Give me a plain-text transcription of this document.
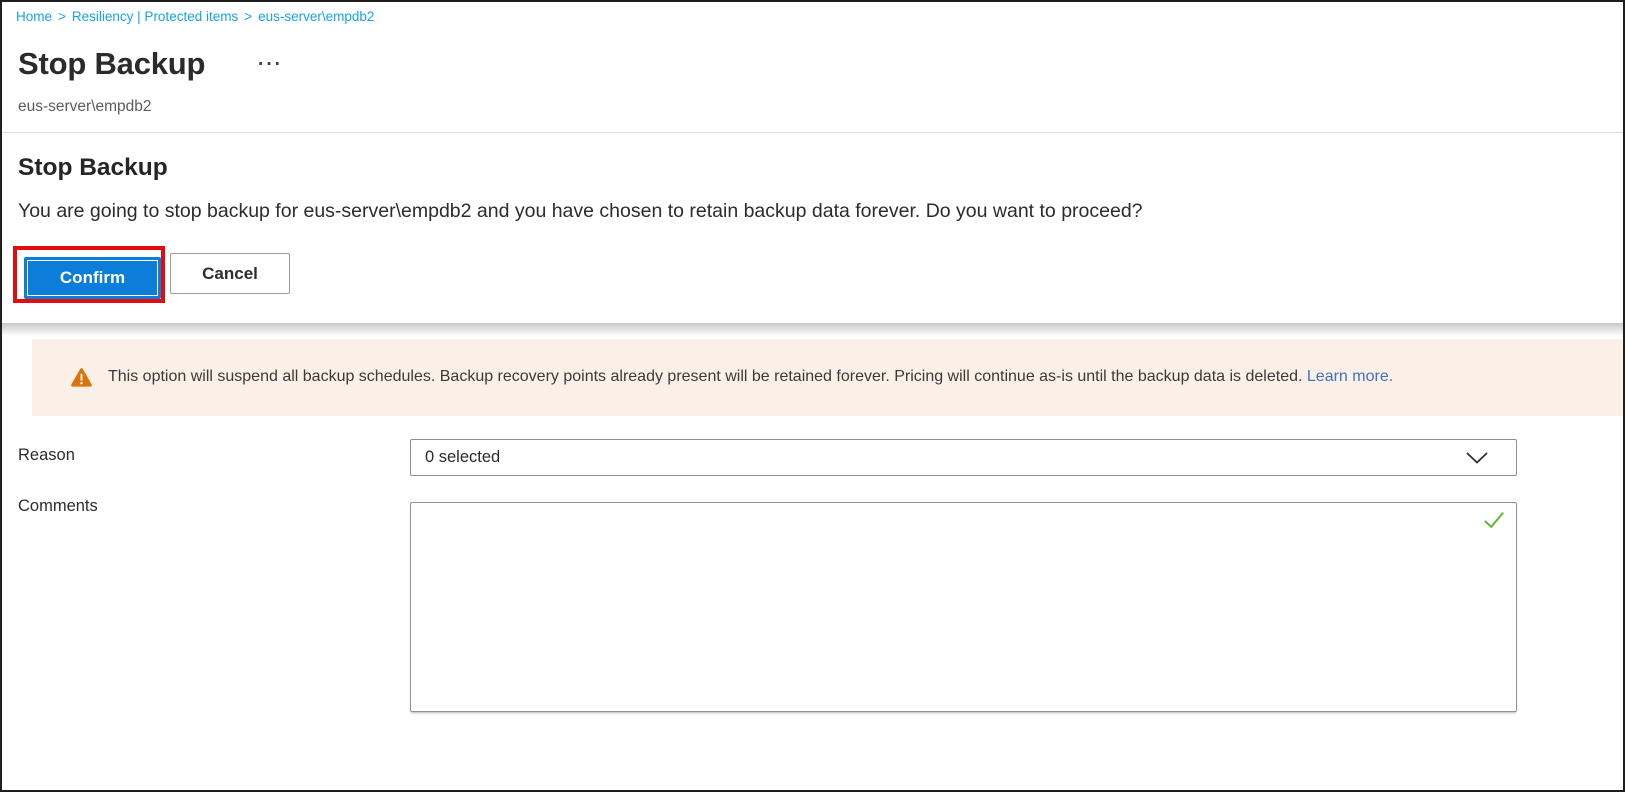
Home > Resiliency | Protected items > eus-server\empdb2
Stop Backup	···
eus-server\empdb2
Stop Backup

You are going to stop backup for eus-server\empdb2 and you have chosen to retain backup data forever. Do you want to proceed?

Confirm	Cancel

This option will suspend all backup schedules. Backup recovery points already present will be retained forever. Pricing will continue as-is until the backup data is deleted. Learn more.

Reason	0 selected
Comments
